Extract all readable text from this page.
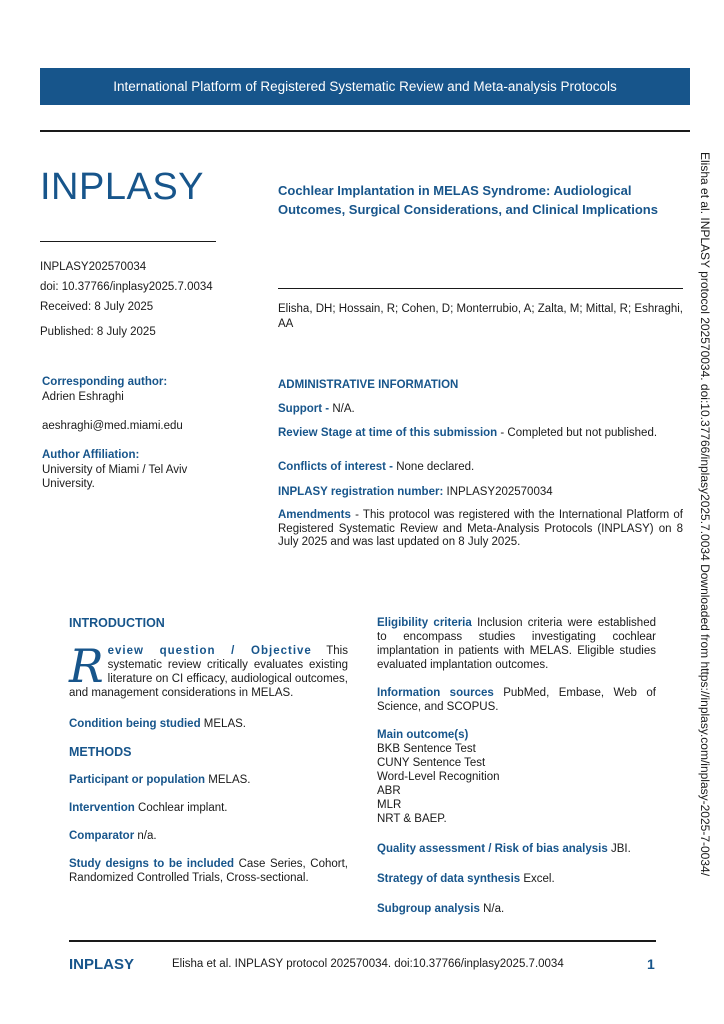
International Platform of Registered Systematic Review and Meta-analysis Protocols
INPLASY
INPLASY202570034
doi: 10.37766/inplasy2025.7.0034
Received: 8 July 2025
Published: 8 July 2025
Cochlear Implantation in MELAS Syndrome: Audiological Outcomes, Surgical Considerations, and Clinical Implications
Elisha, DH; Hossain, R; Cohen, D; Monterrubio, A; Zalta, M; Mittal, R; Eshraghi, AA
Corresponding author:
Adrien Eshraghi
aeshraghi@med.miami.edu
Author Affiliation:
University of Miami / Tel Aviv University.
ADMINISTRATIVE INFORMATION
Support - N/A.
Review Stage at time of this submission - Completed but not published.
Conflicts of interest - None declared.
INPLASY registration number: INPLASY202570034
Amendments - This protocol was registered with the International Platform of Registered Systematic Review and Meta-Analysis Protocols (INPLASY) on 8 July 2025 and was last updated on 8 July 2025.	Elisha et al. INPLASY protocol 202570034. doi:10.37766/inplasy2025.7.0034 Downloaded from https://inplasy.com/inplasy-2025-7-0034/
INTRODUCTION

R eview question / Objective This systematic review critically evaluates existing literature on CI efficacy, audiological outcomes, and management considerations in MELAS.

Condition being studied MELAS.

METHODS

Participant or population MELAS.

Intervention Cochlear implant.

Comparator n/a.

Study designs to be included Case Series, Cohort, Randomized Controlled Trials, Cross-sectional.

Eligibility criteria Inclusion criteria were established to encompass studies investigating cochlear implantation in patients with MELAS. Eligible studies evaluated implantation outcomes.

Information sources PubMed, Embase, Web of Science, and SCOPUS.

Main outcome(s)
BKB Sentence Test
CUNY Sentence Test
Word-Level Recognition
ABR
MLR
NRT & BAEP.

Quality assessment / Risk of bias analysis JBI.

Strategy of data synthesis Excel.

Subgroup analysis N/a.

INPLASY	Elisha et al. INPLASY protocol 202570034. doi:10.37766/inplasy2025.7.0034	1
